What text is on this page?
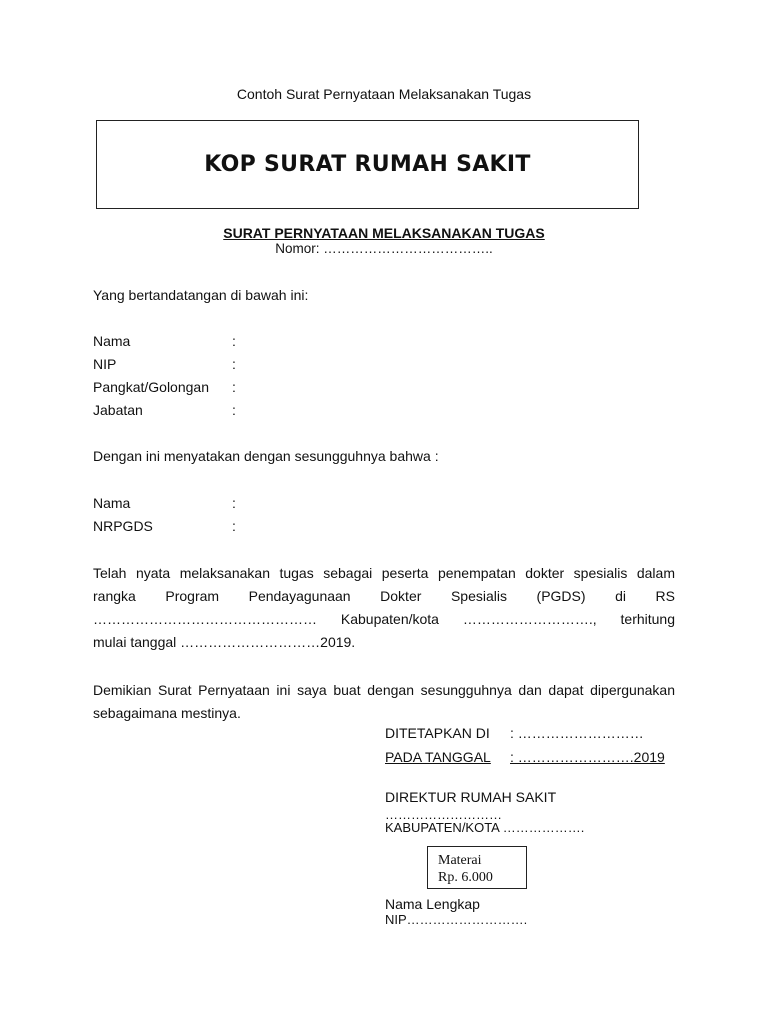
Contoh Surat Pernyataan Melaksanakan Tugas
KOP SURAT RUMAH SAKIT
SURAT PERNYATAAN MELAKSANAKAN TUGAS
Nomor: ………………………………..
Yang bertandatangan di bawah ini:
Nama	:
NIP	:
Pangkat/Golongan :
Jabatan	:
Dengan ini menyatakan dengan sesungguhnya bahwa :
Nama	:
NRPGDS	:
Telah nyata melaksanakan tugas sebagai peserta penempatan dokter spesialis dalam
rangka Program Pendayagunaan Dokter Spesialis (PGDS) di RS
………………………………………… Kabupaten/kota ………………………., terhitung
mulai tanggal …………………………2019.
Demikian Surat Pernyataan ini saya buat dengan sesungguhnya dan dapat dipergunakan
sebagaimana mestinya.
DITETAPKAN DI : ………………………
PADA TANGGAL : …………………….2019
DIREKTUR RUMAH SAKIT
………………………
KABUPATEN/KOTA ……………….
Materai
Rp. 6.000
Nama Lengkap
NIP……………………….
